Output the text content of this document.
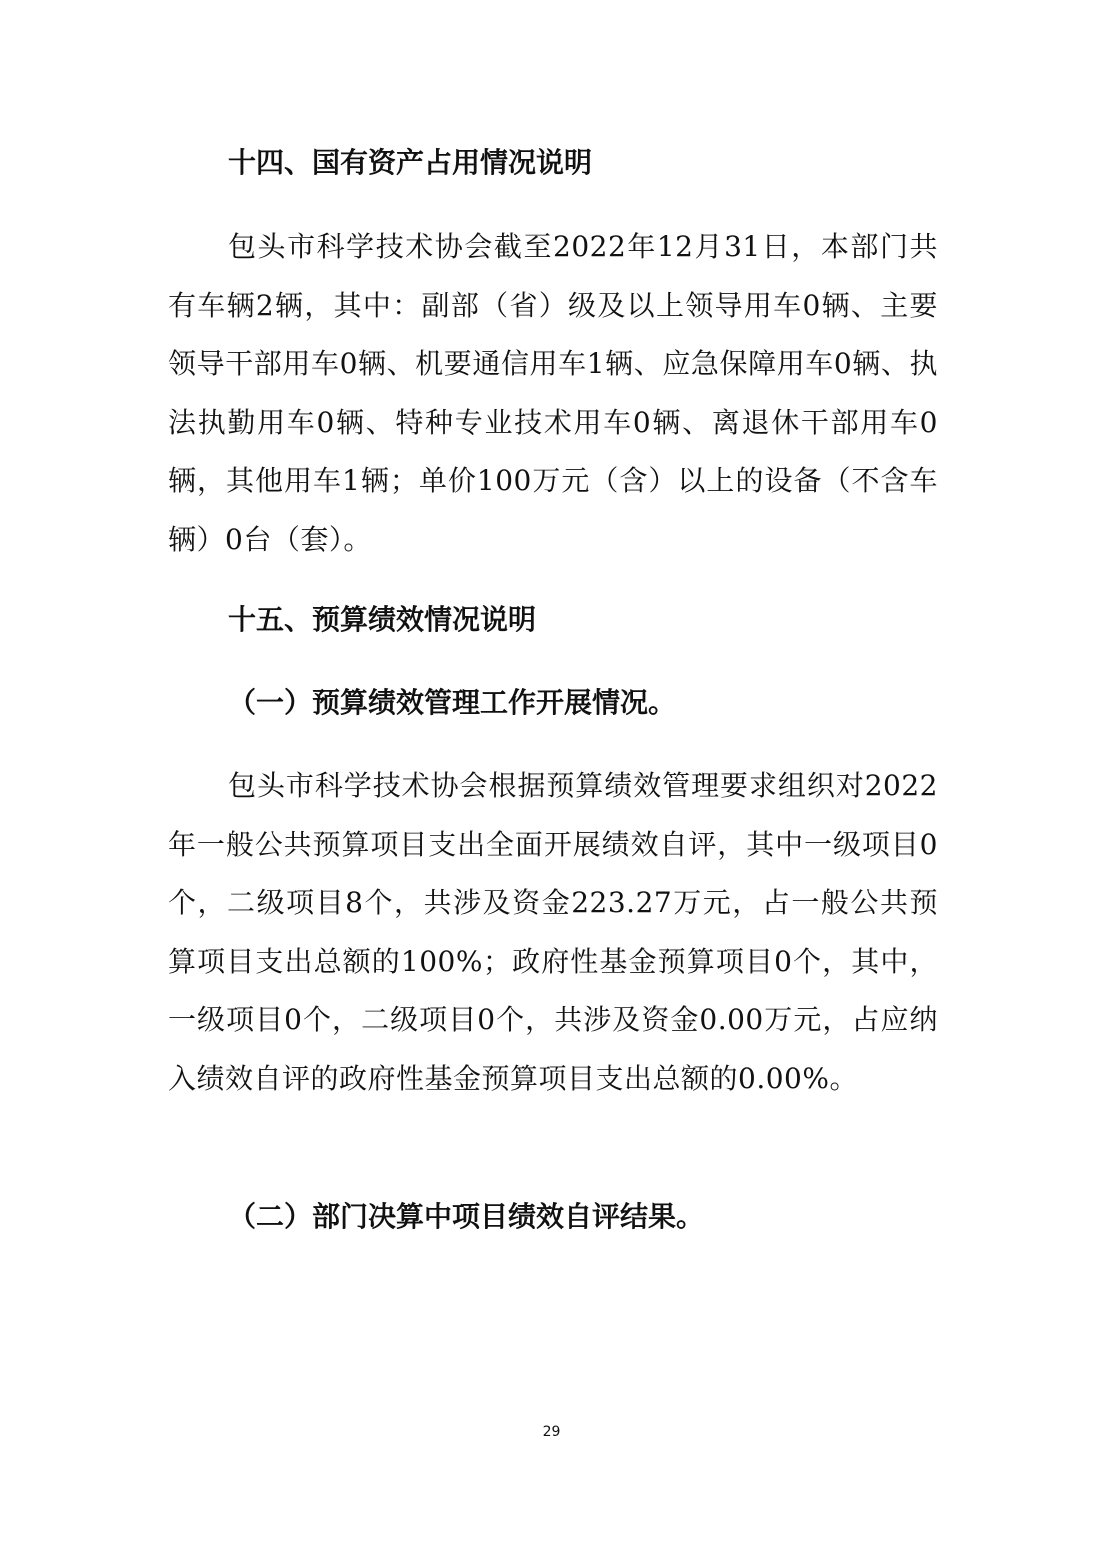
十四、国有资产占用情况说明

包头市科学技术协会截至2022年12月31日，本部门共有车辆2辆，其中：副部（省）级及以上领导用车0辆、主要领导干部用车0辆、机要通信用车1辆、应急保障用车0辆、执法执勤用车0辆、特种专业技术用车0辆、离退休干部用车0辆，其他用车1辆；单价100万元（含）以上的设备（不含车辆）0台（套）。

十五、预算绩效情况说明
（一）预算绩效管理工作开展情况。

包头市科学技术协会根据预算绩效管理要求组织对2022年一般公共预算项目支出全面开展绩效自评，其中一级项目0个，二级项目8个，共涉及资金223.27万元，占一般公共预算项目支出总额的100%；政府性基金预算项目0个，其中，一级项目0个，二级项目0个，共涉及资金0.00万元，占应纳入绩效自评的政府性基金预算项目支出总额的0.00%。

（二）部门决算中项目绩效自评结果。
29
